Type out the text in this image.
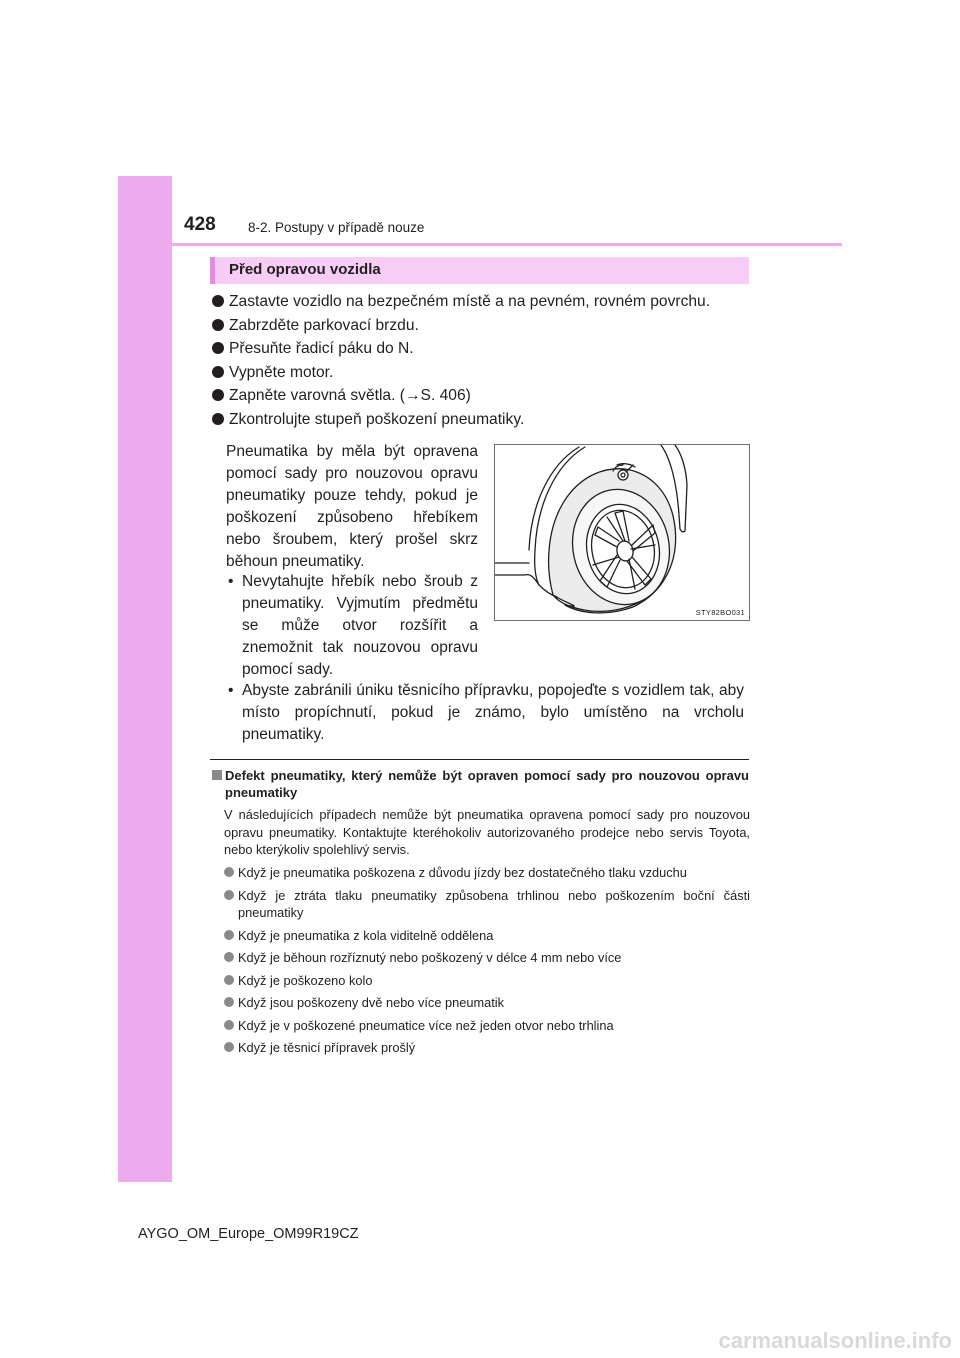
428 8-2. Postupy v případě nouze
Před opravou vozidla
Zastavte vozidlo na bezpečném místě a na pevném, rovném povrchu.
Zabrzděte parkovací brzdu.
Přesuňte řadicí páku do N.
Vypněte motor.
Zapněte varovná světla. (→S. 406)
Zkontrolujte stupeň poškození pneumatiky.

Pneumatika by měla být opravena pomocí sady pro nouzovou opravu pneumatiky pouze tehdy, pokud je poškození způsobeno hřebíkem nebo šroubem, který prošel skrz běhoun pneumatiky.

• Nevytahujte hřebík nebo šroub z pneumatiky. Vyjmutím předmětu se může otvor rozšířit a znemožnit tak nouzovou opravu pomocí sady.
• Abyste zabránili úniku těsnicího přípravku, popojeďte s vozidlem tak, aby místo propíchnutí, pokud je známo, bylo umístěno na vrcholu pneumatiky.
STY82BO031
Defekt pneumatiky, který nemůže být opraven pomocí sady pro nouzovou opravu pneumatiky

V následujících případech nemůže být pneumatika opravena pomocí sady pro nouzovou opravu pneumatiky. Kontaktujte kteréhokoliv autorizovaného prodejce nebo servis Toyota, nebo kterýkoliv spolehlivý servis.

Když je pneumatika poškozena z důvodu jízdy bez dostatečného tlaku vzduchu
Když je ztráta tlaku pneumatiky způsobena trhlinou nebo poškozením boční části pneumatiky
Když je pneumatika z kola viditelně oddělena
Když je běhoun rozříznutý nebo poškozený v délce 4 mm nebo více
Když je poškozeno kolo
Když jsou poškozeny dvě nebo více pneumatik
Když je v poškozené pneumatice více než jeden otvor nebo trhlina
Když je těsnicí přípravek prošlý
AYGO_OM_Europe_OM99R19CZ
carmanualsonline.info
